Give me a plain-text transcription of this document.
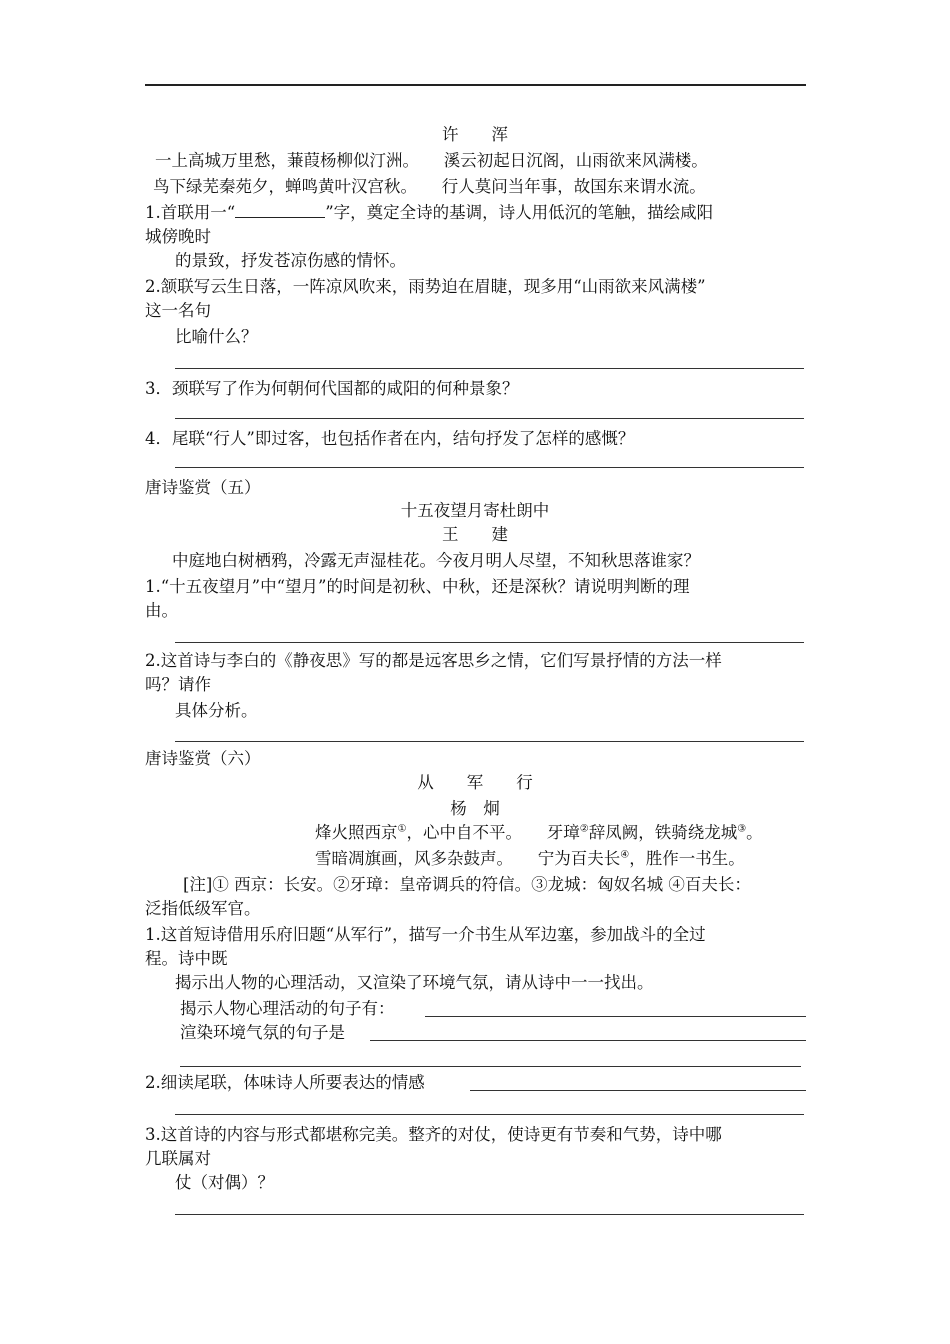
许　　浑
一上高城万里愁，蒹葭杨柳似汀洲。　　溪云初起日沉阁，山雨欲来风满楼。
鸟下绿芜秦苑夕，蝉鸣黄叶汉宫秋。　　行人莫问当年事，故国东来谓水流。
1.首联用一“	”字，奠定全诗的基调，诗人用低沉的笔触，描绘咸阳
城傍晚时
的景致，抒发苍凉伤感的情怀。
2.颔联写云生日落，一阵凉风吹来，雨势迫在眉睫，现多用“山雨欲来风满楼”
这一名句
比喻什么？
3．颈联写了作为何朝何代国都的咸阳的何种景象？
4．尾联“行人”即过客，也包括作者在内，结句抒发了怎样的感慨？
唐诗鉴赏（五）
十五夜望月寄杜朗中
王　　建
中庭地白树栖鸦，冷露无声湿桂花。今夜月明人尽望，不知秋思落谁家？
1.“十五夜望月”中“望月”的时间是初秋、中秋，还是深秋？请说明判断的理
由。
2.这首诗与李白的《静夜思》写的都是远客思乡之情，它们写景抒情的方法一样
吗？请作
具体分析。
唐诗鉴赏（六）
从　　军　　行
杨　炯
烽火照西京①，心中自不平。　　牙璋②辞凤阙，铁骑绕龙城③。
雪暗凋旗画，风多杂鼓声。　　宁为百夫长④，胜作一书生。
[注]① 西京：长安。②牙璋：皇帝调兵的符信。③龙城：匈奴名城 ④百夫长：
泛指低级军官。
1.这首短诗借用乐府旧题“从军行”，描写一介书生从军边塞，参加战斗的全过
程。诗中既
揭示出人物的心理活动，又渲染了环境气氛，请从诗中一一找出。
揭示人物心理活动的句子有：
渲染环境气氛的句子是
2.细读尾联，体味诗人所要表达的情感
3.这首诗的内容与形式都堪称完美。整齐的对仗，使诗更有节奏和气势，诗中哪
几联属对
仗（对偶）？
